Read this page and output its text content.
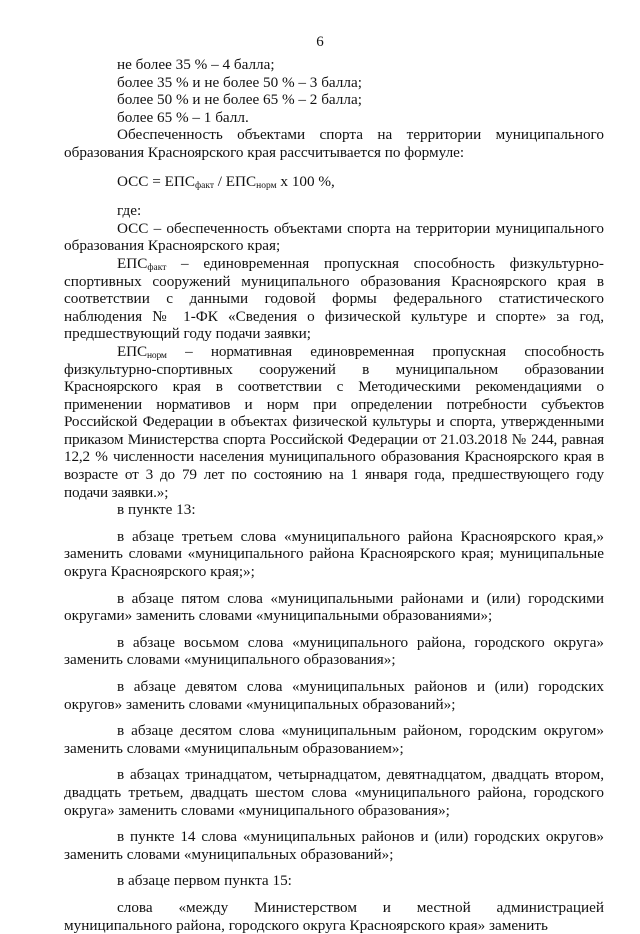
6

не более 35 % – 4 балла;

более 35 % и не более 50 % – 3 балла;

более 50 % и не более 65 % – 2 балла;

более 65 % – 1 балл.

Обеспеченность объектами спорта на территории муниципального образования Красноярского края рассчитывается по формуле:

ОСС = $ЕПС_{факт} / ЕПС_{норм}$ х 100 %,

где:

ОСС – обеспеченность объектами спорта на территории муниципального образования Красноярского края;

$ЕПС_{факт}$ – единовременная пропускная способность физкультурно-спортивных сооружений муниципального образования Красноярского края в соответствии с данными годовой формы федерального статистического наблюдения № 1-ФК «Сведения о физической культуре и спорте» за год, предшествующий году подачи заявки;

$ЕПС_{норм}$ – нормативная единовременная пропускная способность физкультурно-спортивных сооружений в муниципальном образовании Красноярского края в соответствии с Методическими рекомендациями о применении нормативов и норм при определении потребности субъектов Российской Федерации в объектах физической культуры и спорта, утвержденными приказом Министерства спорта Российской Федерации от 21.03.2018 № 244, равная 12,2 % численности населения муниципального образования Красноярского края в возрасте от 3 до 79 лет по состоянию на 1 января года, предшествующего году подачи заявки.»;

в пункте 13:

в абзаце третьем слова «муниципального района Красноярского края,» заменить словами «муниципального района Красноярского края; муниципальные округа Красноярского края;»;

в абзаце пятом слова «муниципальными районами и (или) городскими округами» заменить словами «муниципальными образованиями»;

в абзаце восьмом слова «муниципального района, городского округа» заменить словами «муниципального образования»;

в абзаце девятом слова «муниципальных районов и (или) городских округов» заменить словами «муниципальных образований»;

в абзаце десятом слова «муниципальным районом, городским округом» заменить словами «муниципальным образованием»;

в абзацах тринадцатом, четырнадцатом, девятнадцатом, двадцать втором, двадцать третьем, двадцать шестом слова «муниципального района, городского округа» заменить словами «муниципального образования»;

в пункте 14 слова «муниципальных районов и (или) городских округов» заменить словами «муниципальных образований»;

в абзаце первом пункта 15:

слова «между Министерством и местной администрацией муниципального района, городского округа Красноярского края» заменить
